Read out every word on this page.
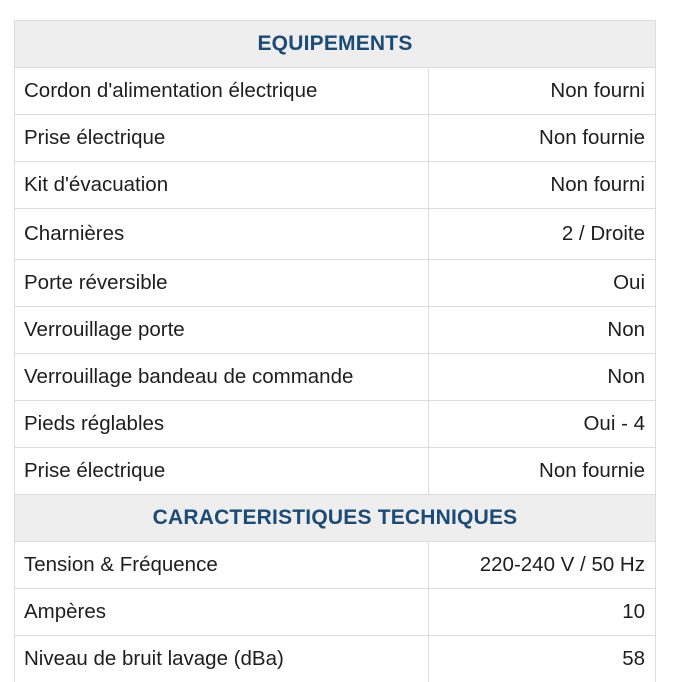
EQUIPEMENTS
Cordon d'alimentation électrique	Non fourni
Prise électrique	Non fournie
Kit d'évacuation	Non fourni
Charnières	2 / Droite
Porte réversible	Oui
Verrouillage porte	Non
Verrouillage bandeau de commande	Non
Pieds réglables	Oui - 4
Prise électrique	Non fournie
CARACTERISTIQUES TECHNIQUES
Tension & Fréquence	220-240 V / 50 Hz
Ampères	10
Niveau de bruit lavage (dBa)	58
